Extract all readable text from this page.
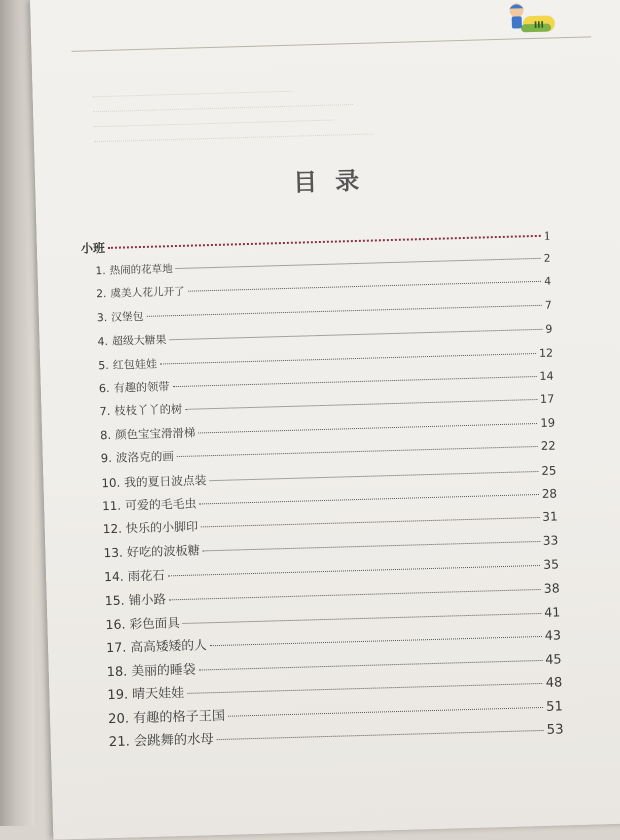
III
目录
小班
1
1. 热闹的花草地
2
2. 虞美人花儿开了
4
3. 汉堡包
7
4. 超级大糖果
9
5. 红包娃娃
12
6. 有趣的领带
14
7. 枝枝丫丫的树
17
8. 颜色宝宝滑滑梯
19
9. 波洛克的画
22
10. 我的夏日波点装
25
11. 可爱的毛毛虫
28
12. 快乐的小脚印
31
13. 好吃的波板糖
33
14. 雨花石
35
15. 铺小路
38
16. 彩色面具
41
17. 高高矮矮的人
43
18. 美丽的睡袋
45
19. 晴天娃娃
48
20. 有趣的格子王国
51
21. 会跳舞的水母
53
